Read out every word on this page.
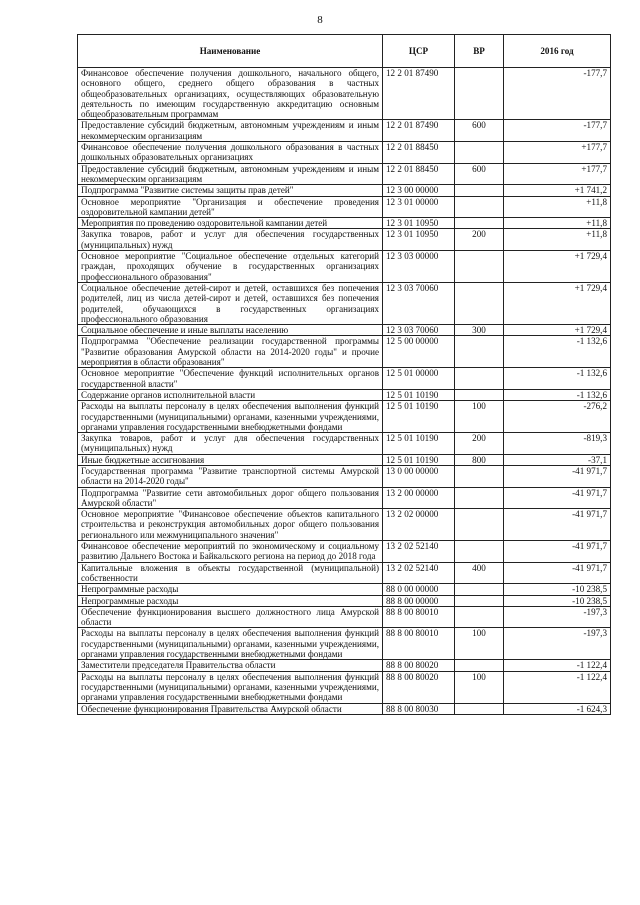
8
Наименование	ЦСР	ВР	2016 год
Финансовое обеспечение получения дошкольного, начального общего, основного общего, среднего общего образования в частных общеобразовательных организациях, осуществляющих образовательную деятельность по имеющим государственную аккредитацию основным общеобразовательным программам	12 2 01 87490		-177,7
Предоставление субсидий бюджетным, автономным учреждениям и иным некоммерческим организациям	12 2 01 87490	600	-177,7
Финансовое обеспечение получения дошкольного образования в частных дошкольных образовательных организациях	12 2 01 88450		+177,7
Предоставление субсидий бюджетным, автономным учреждениям и иным некоммерческим организациям	12 2 01 88450	600	+177,7
Подпрограмма "Развитие системы защиты прав детей"	12 3 00 00000		+1 741,2
Основное мероприятие "Организация и обеспечение проведения оздоровительной кампании детей"	12 3 01 00000		+11,8
Мероприятия по проведению оздоровительной кампании детей	12 3 01 10950		+11,8
Закупка товаров, работ и услуг для обеспечения государственных (муниципальных) нужд	12 3 01 10950	200	+11,8
Основное мероприятие "Социальное обеспечение отдельных категорий граждан, проходящих обучение в государственных организациях профессионального образования"	12 3 03 00000		+1 729,4
Социальное обеспечение детей-сирот и детей, оставшихся без попечения родителей, лиц из числа детей-сирот и детей, оставшихся без попечения родителей, обучающихся в государственных организациях профессионального образования	12 3 03 70060		+1 729,4
Социальное обеспечение и иные выплаты населению	12 3 03 70060	300	+1 729,4
Подпрограмма "Обеспечение реализации государственной программы "Развитие образования Амурской области на 2014-2020 годы" и прочие мероприятия в области образования"	12 5 00 00000		-1 132,6
Основное мероприятие "Обеспечение функций исполнительных органов государственной власти"	12 5 01 00000		-1 132,6
Содержание органов исполнительной власти	12 5 01 10190		-1 132,6
Расходы на выплаты персоналу в целях обеспечения выполнения функций государственными (муниципальными) органами, казенными учреждениями, органами управления государственными внебюджетными фондами	12 5 01 10190	100	-276,2
Закупка товаров, работ и услуг для обеспечения государственных (муниципальных) нужд	12 5 01 10190	200	-819,3
Иные бюджетные ассигнования	12 5 01 10190	800	-37,1
Государственная программа "Развитие транспортной системы Амурской области на 2014-2020 годы"	13 0 00 00000		-41 971,7
Подпрограмма "Развитие сети автомобильных дорог общего пользования Амурской области"	13 2 00 00000		-41 971,7
Основное мероприятие "Финансовое обеспечение объектов капитального строительства и реконструкция автомобильных дорог общего пользования регионального или межмуниципального значения"	13 2 02 00000		-41 971,7
Финансовое обеспечение мероприятий по экономическому и социальному развитию Дальнего Востока и Байкальского региона на период до 2018 года	13 2 02 52140		-41 971,7
Капитальные вложения в объекты государственной (муниципальной) собственности	13 2 02 52140	400	-41 971,7
Непрограммные расходы	88 0 00 00000		-10 238,5
Непрограммные расходы	88 8 00 00000		-10 238,5
Обеспечение функционирования высшего должностного лица Амурской области	88 8 00 80010		-197,3
Расходы на выплаты персоналу в целях обеспечения выполнения функций государственными (муниципальными) органами, казенными учреждениями, органами управления государственными внебюджетными фондами	88 8 00 80010	100	-197,3
Заместители председателя Правительства области	88 8 00 80020		-1 122,4
Расходы на выплаты персоналу в целях обеспечения выполнения функций государственными (муниципальными) органами, казенными учреждениями, органами управления государственными внебюджетными фондами	88 8 00 80020	100	-1 122,4
Обеспечение функционирования Правительства Амурской области	88 8 00 80030		-1 624,3
